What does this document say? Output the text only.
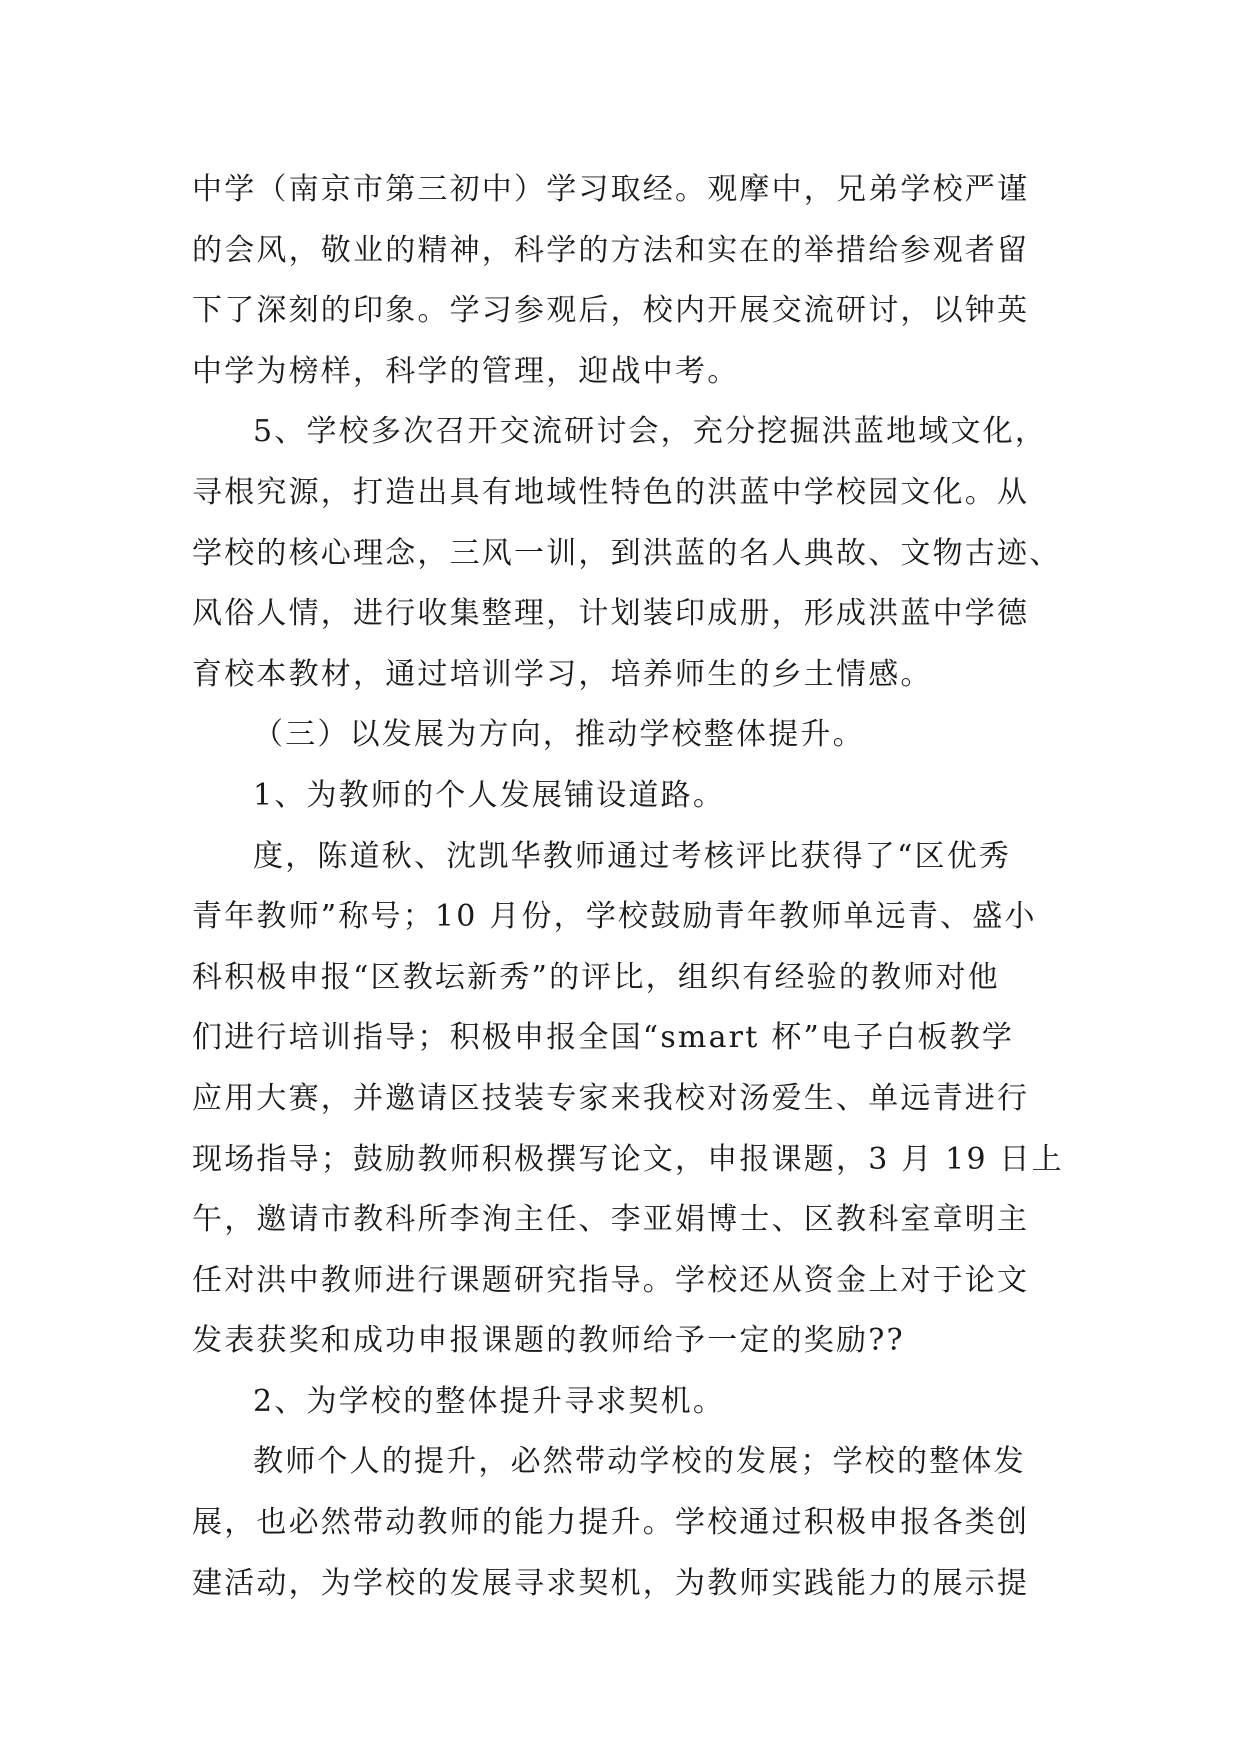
中学（南京市第三初中）学习取经。观摩中，兄弟学校严谨
的会风，敬业的精神，科学的方法和实在的举措给参观者留
下了深刻的印象。学习参观后，校内开展交流研讨，以钟英
中学为榜样，科学的管理，迎战中考。
5、学校多次召开交流研讨会，充分挖掘洪蓝地域文化，
寻根究源，打造出具有地域性特色的洪蓝中学校园文化。从
学校的核心理念，三风一训，到洪蓝的名人典故、文物古迹、
风俗人情，进行收集整理，计划装印成册，形成洪蓝中学德
育校本教材，通过培训学习，培养师生的乡土情感。
（三）以发展为方向，推动学校整体提升。
1、为教师的个人发展铺设道路。
度，陈道秋、沈凯华教师通过考核评比获得了“区优秀
青年教师”称号；10 月份，学校鼓励青年教师单远青、盛小
科积极申报“区教坛新秀”的评比，组织有经验的教师对他
们进行培训指导；积极申报全国“smart 杯”电子白板教学
应用大赛，并邀请区技装专家来我校对汤爱生、单远青进行
现场指导；鼓励教师积极撰写论文，申报课题，3 月 19 日上
午，邀请市教科所李洵主任、李亚娟博士、区教科室章明主
任对洪中教师进行课题研究指导。学校还从资金上对于论文
发表获奖和成功申报课题的教师给予一定的奖励??
2、为学校的整体提升寻求契机。
教师个人的提升，必然带动学校的发展；学校的整体发
展，也必然带动教师的能力提升。学校通过积极申报各类创
建活动，为学校的发展寻求契机，为教师实践能力的展示提
